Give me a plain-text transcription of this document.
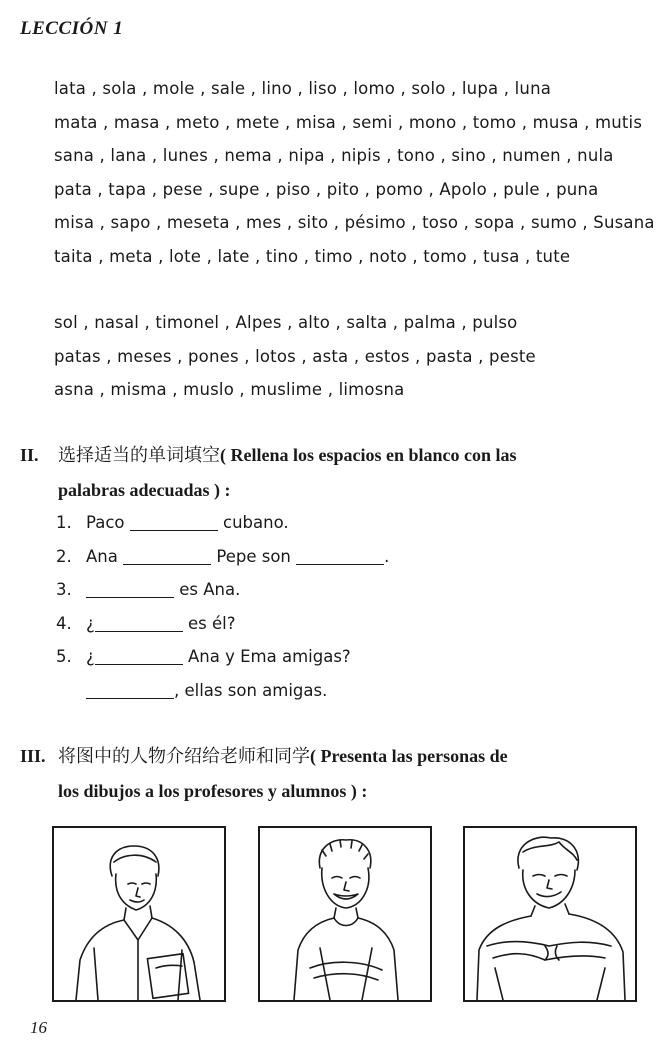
LECCIÓN 1
lata , sola , mole , sale , lino , liso , lomo , solo , lupa , luna
mata , masa , meto , mete , misa , semi , mono , tomo , musa , mutis
sana , lana , lunes , nema , nipa , nipis , tono , sino , numen , nula
pata , tapa , pese , supe , piso , pito , pomo , Apolo , pule , puna
misa , sapo , meseta , mes , sito , pésimo , toso , sopa , sumo , Susana
taita , meta , lote , late , tino , timo , noto , tomo , tusa , tute
sol , nasal , timonel , Alpes , alto , salta , palma , pulso
patas , meses , pones , lotos , asta , estos , pasta , peste
asna , misma , muslo , muslime , limosna
II. 选择适当的单词填空( Rellena los espacios en blanco con las
palabras adecuadas ) :
1. Paco	cubano.
2. Ana	Pepe son	.
3.	es Ana.
4. ¿	es él?
5. ¿	Ana y Ema amigas?
, ellas son amigas.
III. 将图中的人物介绍给老师和同学( Presenta las personas de
los dibujos a los profesores y alumnos ) :
16
